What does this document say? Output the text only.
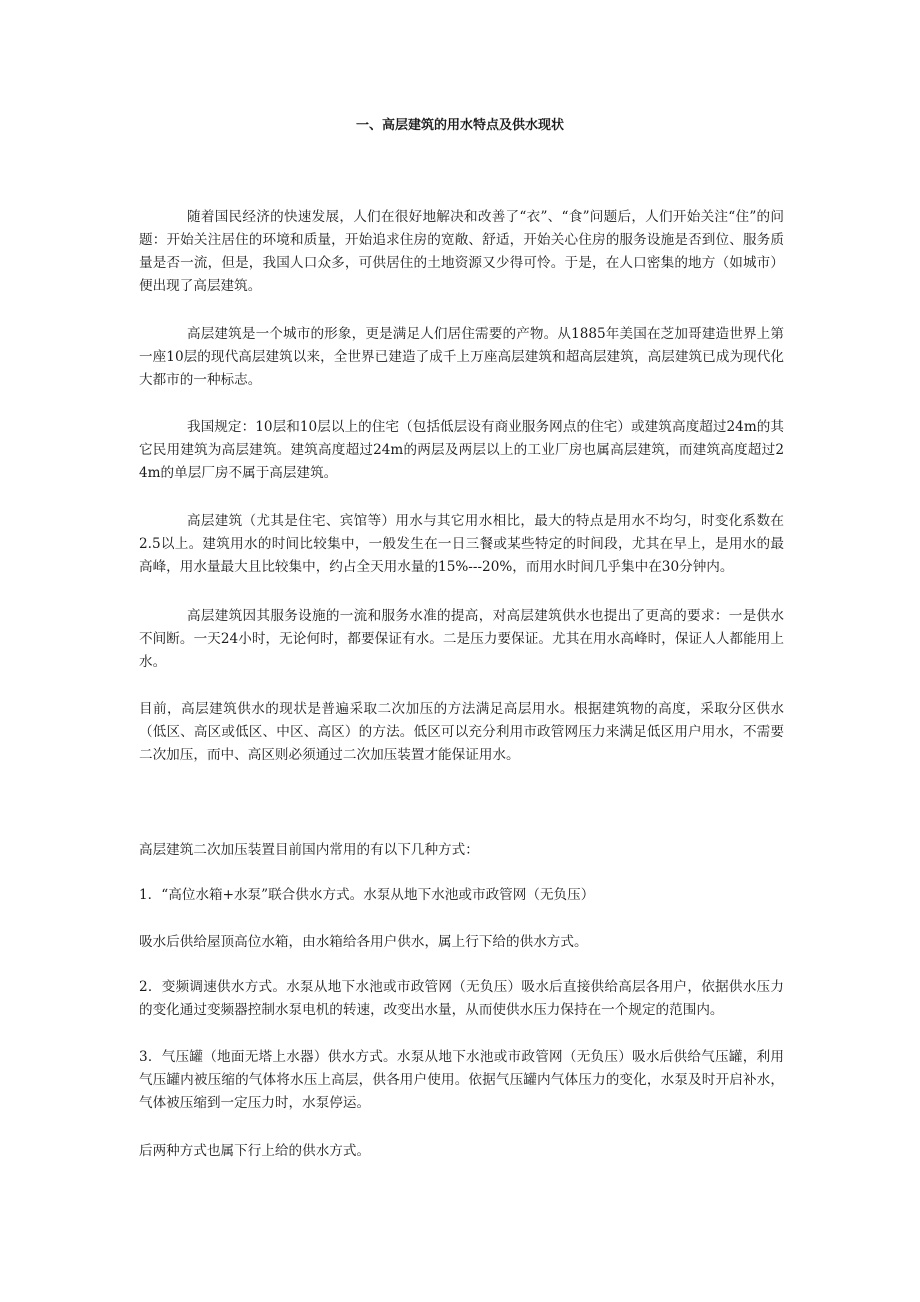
一、高层建筑的用水特点及供水现状

随着国民经济的快速发展，人们在很好地解决和改善了“衣”、“食”问题后，人们开始关注“住”的问题：开始关注居住的环境和质量，开始追求住房的宽敞、舒适，开始关心住房的服务设施是否到位、服务质量是否一流，但是，我国人口众多，可供居住的土地资源又少得可怜。于是，在人口密集的地方（如城市）便出现了高层建筑。

高层建筑是一个城市的形象，更是满足人们居住需要的产物。从1885年美国在芝加哥建造世界上第一座10层的现代高层建筑以来，全世界已建造了成千上万座高层建筑和超高层建筑，高层建筑已成为现代化大都市的一种标志。

我国规定：10层和10层以上的住宅（包括低层设有商业服务网点的住宅）或建筑高度超过24m的其它民用建筑为高层建筑。建筑高度超过24m的两层及两层以上的工业厂房也属高层建筑，而建筑高度超过24m的单层厂房不属于高层建筑。

高层建筑（尤其是住宅、宾馆等）用水与其它用水相比，最大的特点是用水不均匀，时变化系数在2.5以上。建筑用水的时间比较集中，一般发生在一日三餐或某些特定的时间段，尤其在早上，是用水的最高峰，用水量最大且比较集中，约占全天用水量的15%---20%，而用水时间几乎集中在30分钟内。

高层建筑因其服务设施的一流和服务水准的提高，对高层建筑供水也提出了更高的要求：一是供水不间断。一天24小时，无论何时，都要保证有水。二是压力要保证。尤其在用水高峰时，保证人人都能用上水。

目前，高层建筑供水的现状是普遍采取二次加压的方法满足高层用水。根据建筑物的高度，采取分区供水（低区、高区或低区、中区、高区）的方法。低区可以充分利用市政管网压力来满足低区用户用水，不需要二次加压，而中、高区则必须通过二次加压装置才能保证用水。

高层建筑二次加压装置目前国内常用的有以下几种方式：

1．“高位水箱+水泵”联合供水方式。水泵从地下水池或市政管网（无负压）

吸水后供给屋顶高位水箱，由水箱给各用户供水，属上行下给的供水方式。

2．变频调速供水方式。水泵从地下水池或市政管网（无负压）吸水后直接供给高层各用户，依据供水压力的变化通过变频器控制水泵电机的转速，改变出水量，从而使供水压力保持在一个规定的范围内。

3．气压罐（地面无塔上水器）供水方式。水泵从地下水池或市政管网（无负压）吸水后供给气压罐，利用气压罐内被压缩的气体将水压上高层，供各用户使用。依据气压罐内气体压力的变化，水泵及时开启补水，气体被压缩到一定压力时，水泵停运。

后两种方式也属下行上给的供水方式。
